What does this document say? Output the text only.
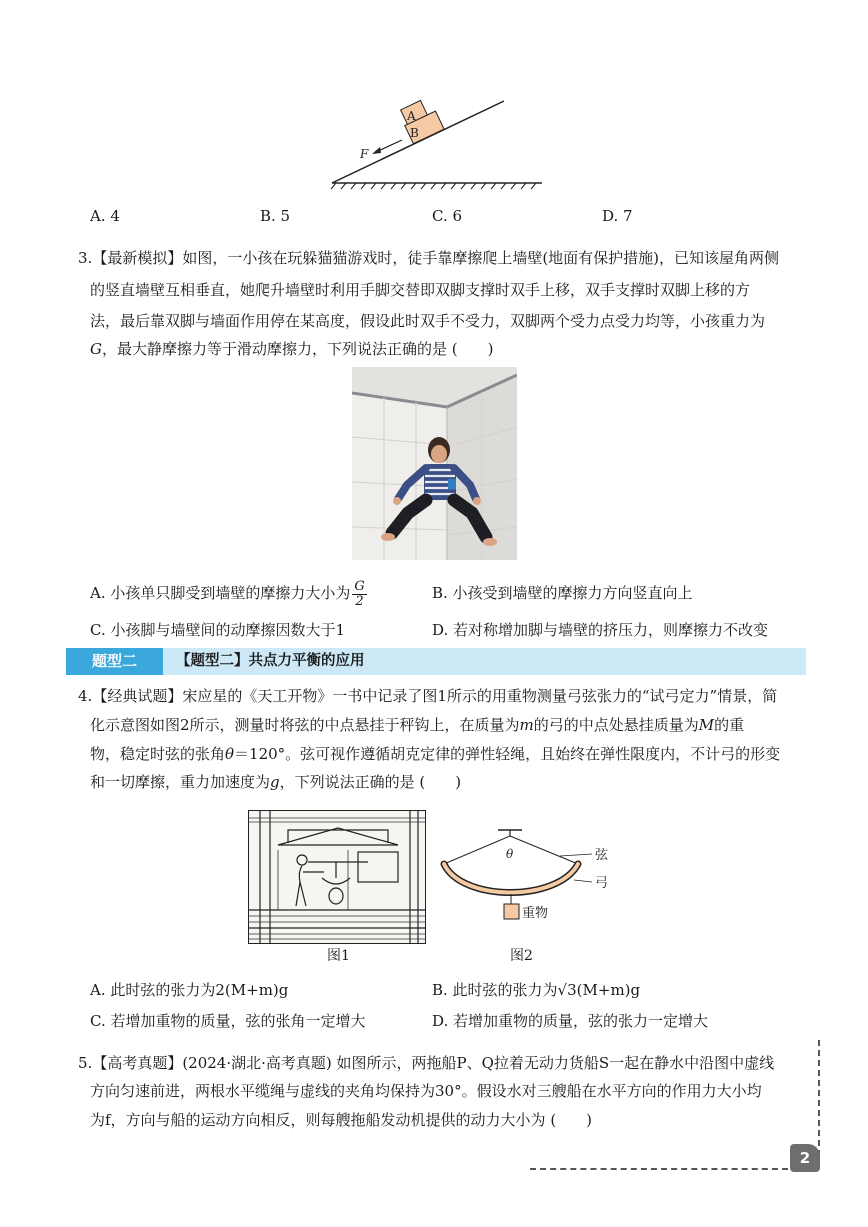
A
B
F
A. 4	B. 5	C. 6	D. 7
3.【最新模拟】如图，一小孩在玩躲猫猫游戏时，徒手靠摩擦爬上墙壁(地面有保护措施)，已知该屋角两侧
的竖直墙壁互相垂直，她爬升墙壁时利用手脚交替即双脚支撑时双手上移，双手支撑时双脚上移的方
法，最后靠双脚与墙面作用停在某高度，假设此时双手不受力，双脚两个受力点受力均等，小孩重力为
G，最大静摩擦力等于滑动摩擦力，下列说法正确的是 (　　)
A. 小孩单只脚受到墙壁的摩擦力大小为 $\frac{G}{2}$	B. 小孩受到墙壁的摩擦力方向竖直向上
C. 小孩脚与墙壁间的动摩擦因数大于1	D. 若对称增加脚与墙壁的挤压力，则摩擦力不改变
题型二	【题型二】共点力平衡的应用
4.【经典试题】宋应星的《天工开物》一书中记录了图1所示的用重物测量弓弦张力的“试弓定力”情景，简
化示意图如图2所示，测量时将弦的中点悬挂于秤钩上，在质量为m的弓的中点处悬挂质量为M的重
物，稳定时弦的张角θ＝120°。弦可视作遵循胡克定律的弹性轻绳，且始终在弹性限度内，不计弓的形变
和一切摩擦，重力加速度为g，下列说法正确的是 (　　)
图1
θ	弦
弓
重物
图2
A. 此时弦的张力为2(M+m)g	B. 此时弦的张力为√3(M+m)g
C. 若增加重物的质量，弦的张角一定增大	D. 若增加重物的质量，弦的张力一定增大
5.【高考真题】(2024·湖北·高考真题) 如图所示，两拖船P、Q拉着无动力货船S一起在静水中沿图中虚线
方向匀速前进，两根水平缆绳与虚线的夹角均保持为30°。假设水对三艘船在水平方向的作用力大小均
为f，方向与船的运动方向相反，则每艘拖船发动机提供的动力大小为 (　　)
2
